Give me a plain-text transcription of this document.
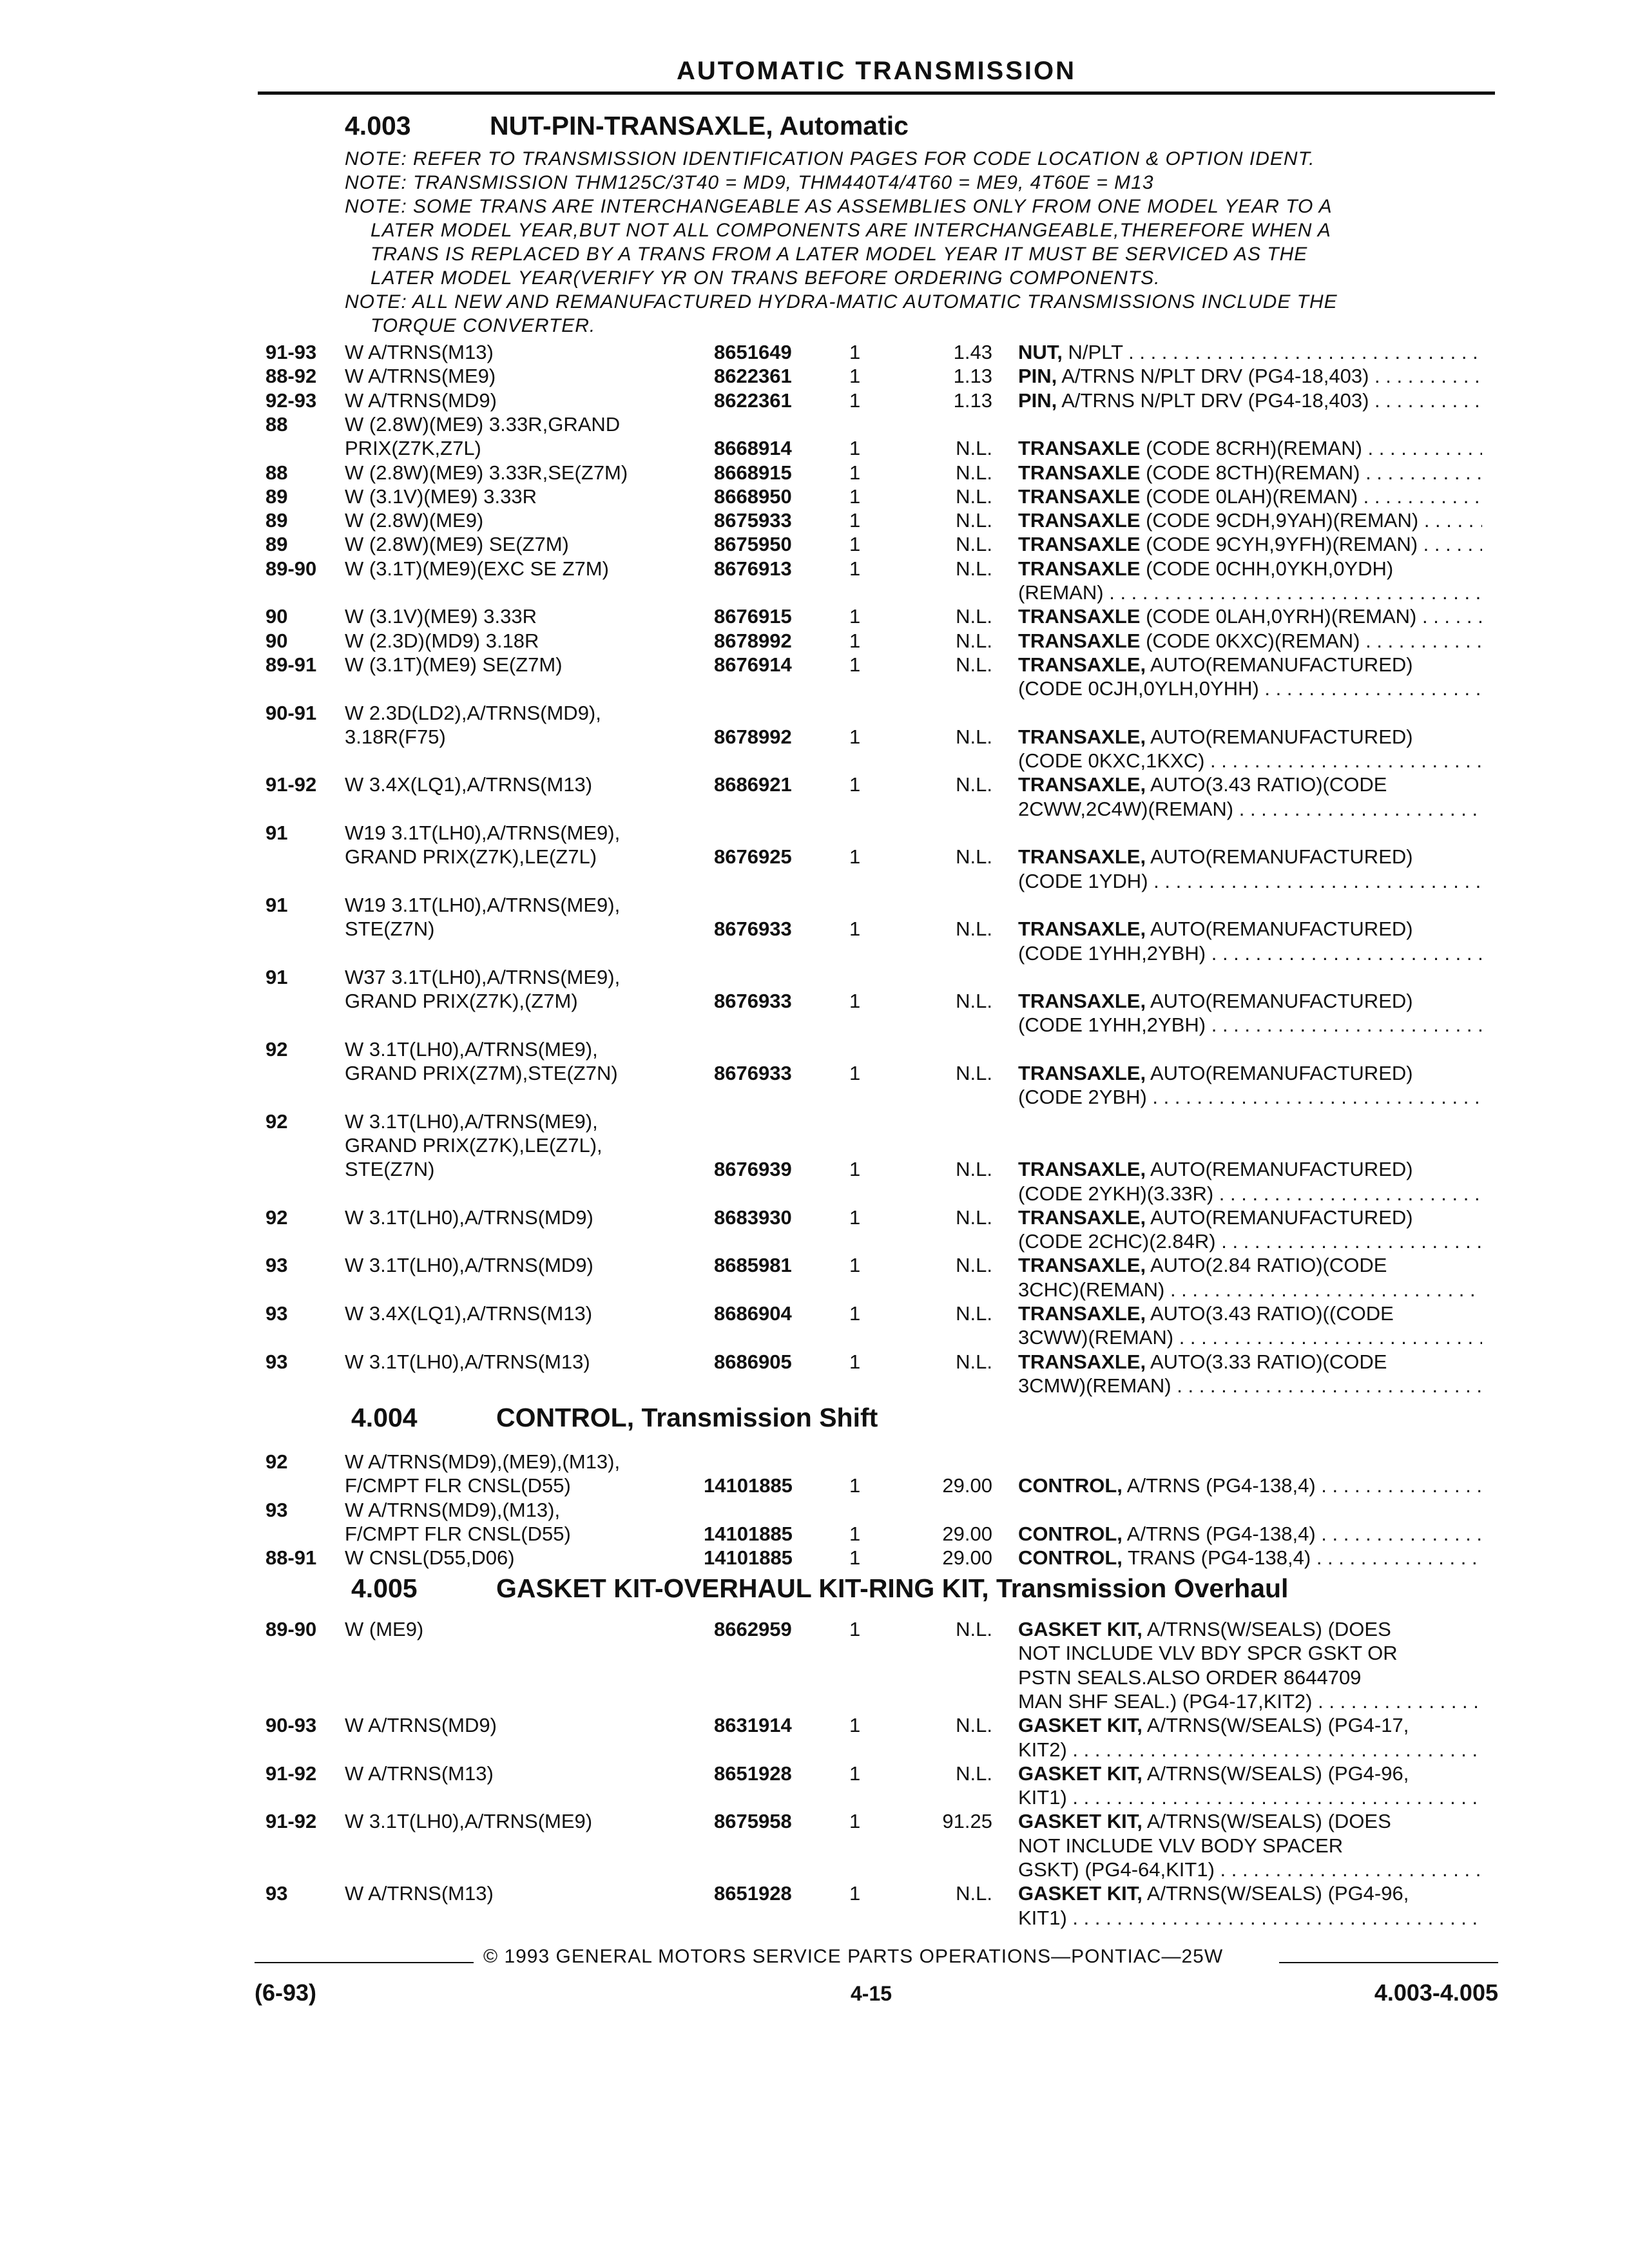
AUTOMATIC TRANSMISSION
4.003	NUT-PIN-TRANSAXLE, Automatic

NOTE: REFER TO TRANSMISSION IDENTIFICATION PAGES FOR CODE LOCATION & OPTION IDENT.

NOTE: TRANSMISSION THM125C/3T40 = MD9, THM440T4/4T60 = ME9, 4T60E = M13

NOTE: SOME TRANS ARE INTERCHANGEABLE AS ASSEMBLIES ONLY FROM ONE MODEL YEAR TO A

LATER MODEL YEAR,BUT NOT ALL COMPONENTS ARE INTERCHANGEABLE,THEREFORE WHEN A

TRANS IS REPLACED BY A TRANS FROM A LATER MODEL YEAR IT MUST BE SERVICED AS THE

LATER MODEL YEAR(VERIFY YR ON TRANS BEFORE ORDERING COMPONENTS.

NOTE: ALL NEW AND REMANUFACTURED HYDRA-MATIC AUTOMATIC TRANSMISSIONS INCLUDE THE

TORQUE CONVERTER.

91-93 W A/TRNS(M13)	8651649	1	1.43 NUT, N/PLT . . .
88-92 W A/TRNS(ME9)	8622361	1	1.13 PIN, A/TRNS N/PLT DRV (PG4-18,403) . . .
92-93 W A/TRNS(MD9)	8622361	1	1.13 PIN, A/TRNS N/PLT DRV (PG4-18,403) . . .
88	W (2.8W)(ME9) 3.33R,GRAND
PRIX(Z7K,Z7L)	8668914	1	N.L. TRANSAXLE (CODE 8CRH)(REMAN) . . .
88	W (2.8W)(ME9) 3.33R,SE(Z7M)	8668915	1	N.L. TRANSAXLE (CODE 8CTH)(REMAN) . . .
89	W (3.1V)(ME9) 3.33R	8668950	1	N.L. TRANSAXLE (CODE 0LAH)(REMAN) . . .
89	W (2.8W)(ME9)	8675933	1	N.L. TRANSAXLE (CODE 9CDH,9YAH)(REMAN) . . .
89	W (2.8W)(ME9) SE(Z7M)	8675950	1	N.L. TRANSAXLE (CODE 9CYH,9YFH)(REMAN) . . .
89-90 W (3.1T)(ME9)(EXC SE Z7M)	8676913	1	N.L. TRANSAXLE (CODE 0CHH,0YKH,0YDH)
(REMAN) . . .
90	W (3.1V)(ME9) 3.33R	8676915	1	N.L. TRANSAXLE (CODE 0LAH,0YRH)(REMAN) . . .
90	W (2.3D)(MD9) 3.18R	8678992	1	N.L. TRANSAXLE (CODE 0KXC)(REMAN) . . .
89-91 W (3.1T)(ME9) SE(Z7M)	8676914	1	N.L. TRANSAXLE, AUTO(REMANUFACTURED)
(CODE 0CJH,0YLH,0YHH) . . .
90-91 W 2.3D(LD2),A/TRNS(MD9),
3.18R(F75)	8678992	1	N.L. TRANSAXLE, AUTO(REMANUFACTURED)
(CODE 0KXC,1KXC) . . .
91-92 W 3.4X(LQ1),A/TRNS(M13)	8686921	1	N.L. TRANSAXLE, AUTO(3.43 RATIO)(CODE
2CWW,2C4W)(REMAN) . . .
91	W19 3.1T(LH0),A/TRNS(ME9),
GRAND PRIX(Z7K),LE(Z7L)	8676925	1	N.L. TRANSAXLE, AUTO(REMANUFACTURED)
(CODE 1YDH) . . .
91	W19 3.1T(LH0),A/TRNS(ME9),
STE(Z7N)	8676933	1	N.L. TRANSAXLE, AUTO(REMANUFACTURED)
(CODE 1YHH,2YBH) . . .
91	W37 3.1T(LH0),A/TRNS(ME9),
GRAND PRIX(Z7K),(Z7M)	8676933	1	N.L. TRANSAXLE, AUTO(REMANUFACTURED)
(CODE 1YHH,2YBH) . . .
92	W 3.1T(LH0),A/TRNS(ME9),
GRAND PRIX(Z7M),STE(Z7N)	8676933	1	N.L. TRANSAXLE, AUTO(REMANUFACTURED)
(CODE 2YBH) . . .
92	W 3.1T(LH0),A/TRNS(ME9),
GRAND PRIX(Z7K),LE(Z7L),
STE(Z7N)	8676939	1	N.L. TRANSAXLE, AUTO(REMANUFACTURED)
(CODE 2YKH)(3.33R) . . .
92	W 3.1T(LH0),A/TRNS(MD9)	8683930	1	N.L. TRANSAXLE, AUTO(REMANUFACTURED)
(CODE 2CHC)(2.84R) . . .
93	W 3.1T(LH0),A/TRNS(MD9)	8685981	1	N.L. TRANSAXLE, AUTO(2.84 RATIO)(CODE
3CHC)(REMAN) . . .
93	W 3.4X(LQ1),A/TRNS(M13)	8686904	1	N.L. TRANSAXLE, AUTO(3.43 RATIO)((CODE
3CWW)(REMAN) . . .
93	W 3.1T(LH0),A/TRNS(M13)	8686905	1	N.L. TRANSAXLE, AUTO(3.33 RATIO)(CODE
3CMW)(REMAN) . . .
4.004	CONTROL, Transmission Shift
92	W A/TRNS(MD9),(ME9),(M13),
F/CMPT FLR CNSL(D55)	14101885	1	29.00 CONTROL, A/TRNS (PG4-138,4) . . .
93	W A/TRNS(MD9),(M13),
F/CMPT FLR CNSL(D55)	14101885	1	29.00 CONTROL, A/TRNS (PG4-138,4) . . .
88-91 W CNSL(D55,D06)	14101885	1	29.00 CONTROL, TRANS (PG4-138,4) . . .
4.005	GASKET KIT-OVERHAUL KIT-RING KIT, Transmission Overhaul
89-90 W (ME9)	8662959	1	N.L. GASKET KIT, A/TRNS(W/SEALS) (DOES
NOT INCLUDE VLV BDY SPCR GSKT OR
PSTN SEALS.ALSO ORDER 8644709
MAN SHF SEAL.) (PG4-17,KIT2) . . .
90-93 W A/TRNS(MD9)	8631914	1	N.L. GASKET KIT, A/TRNS(W/SEALS) (PG4-17,
KIT2) . . .
91-92 W A/TRNS(M13)	8651928	1	N.L. GASKET KIT, A/TRNS(W/SEALS) (PG4-96,
KIT1) . . .
91-92 W 3.1T(LH0),A/TRNS(ME9)	8675958	1	91.25 GASKET KIT, A/TRNS(W/SEALS) (DOES
NOT INCLUDE VLV BODY SPACER
GSKT) (PG4-64,KIT1) . . .
93	W A/TRNS(M13)	8651928	1	N.L. GASKET KIT, A/TRNS(W/SEALS) (PG4-96,
KIT1) . . .
© 1993 GENERAL MOTORS SERVICE PARTS OPERATIONS—PONTIAC—25W
(6-93)	4-15	4.003-4.005
